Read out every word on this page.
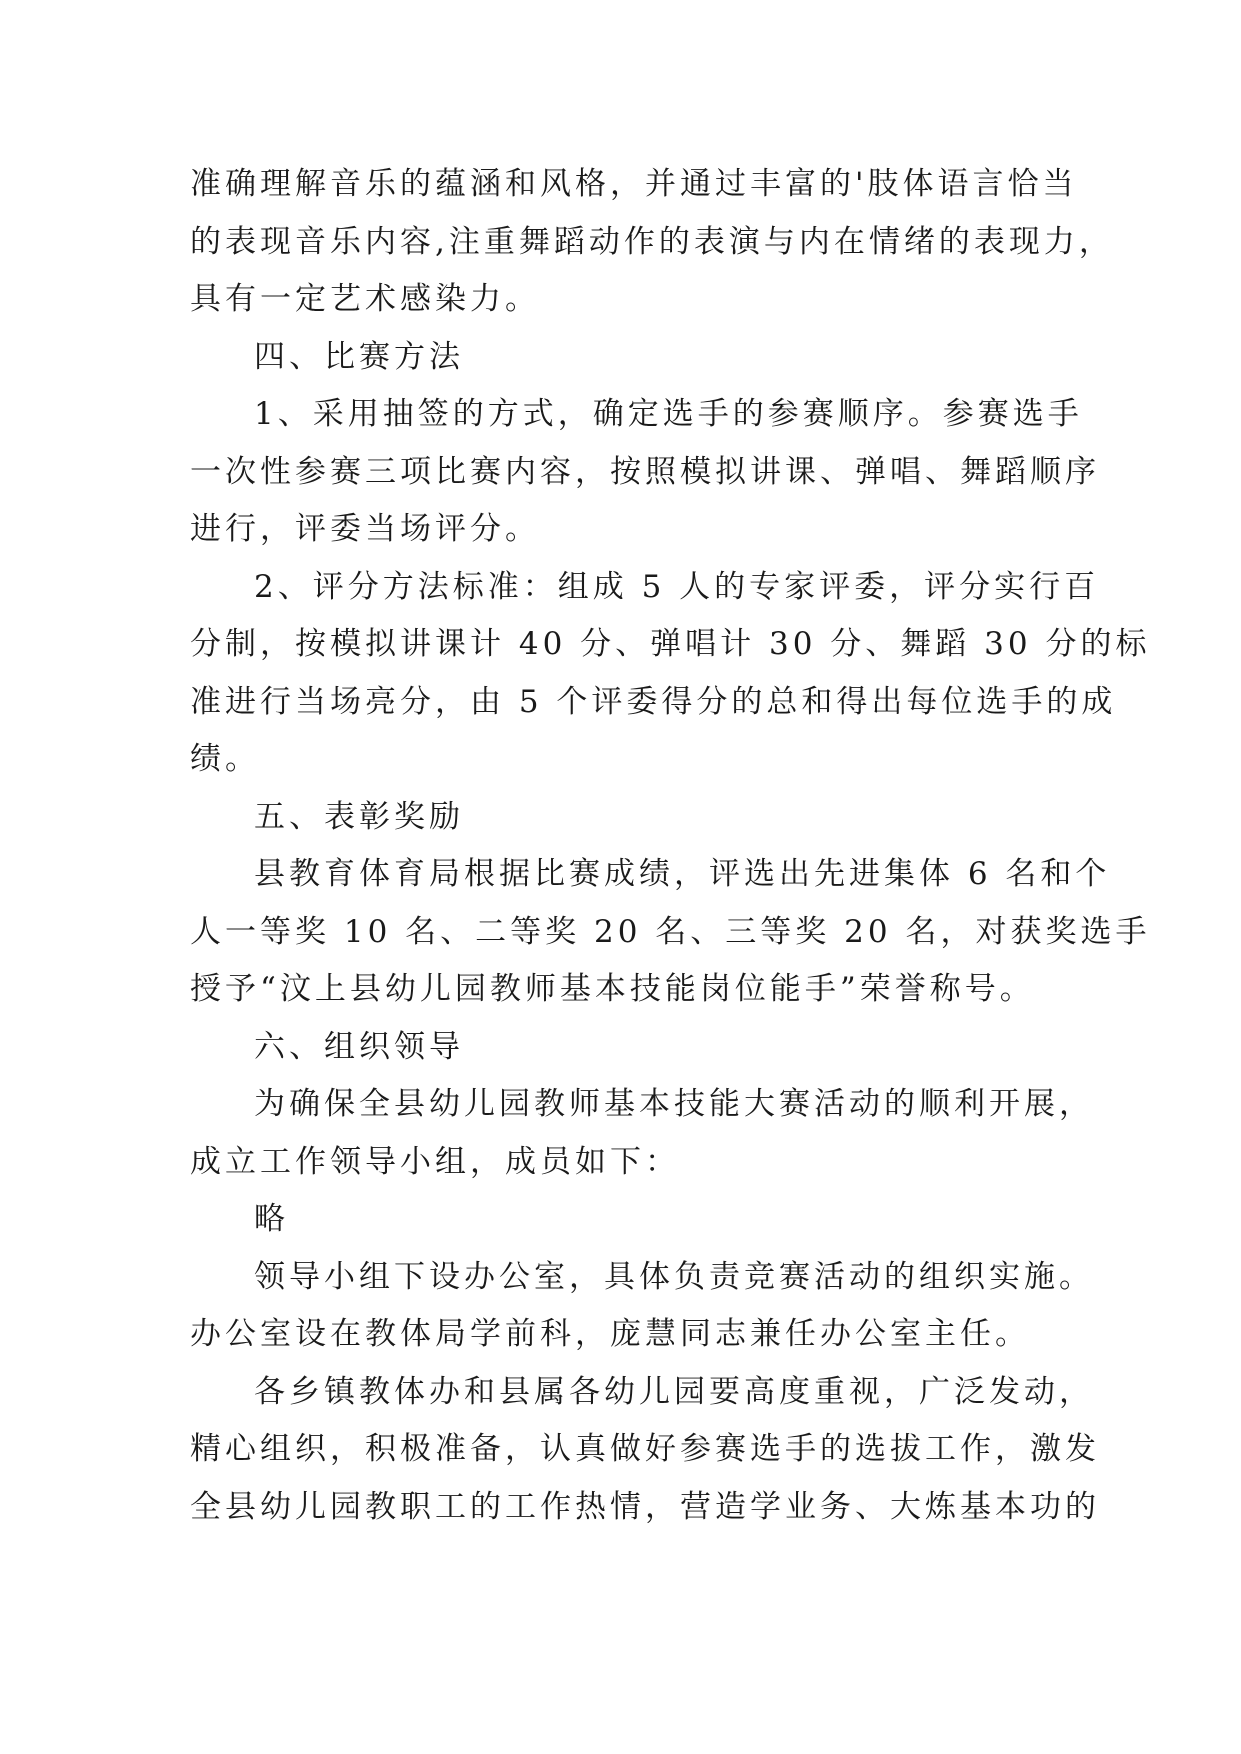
准确理解音乐的蕴涵和风格，并通过丰富的'肢体语言恰当
的表现音乐内容,注重舞蹈动作的表演与内在情绪的表现力，
具有一定艺术感染力。
四、比赛方法
1、采用抽签的方式，确定选手的参赛顺序。参赛选手
一次性参赛三项比赛内容，按照模拟讲课、弹唱、舞蹈顺序
进行，评委当场评分。
2、评分方法标准：组成 5 人的专家评委，评分实行百
分制，按模拟讲课计 40 分、弹唱计 30 分、舞蹈 30 分的标
准进行当场亮分，由 5 个评委得分的总和得出每位选手的成
绩。
五、表彰奖励
县教育体育局根据比赛成绩，评选出先进集体 6 名和个
人一等奖 10 名、二等奖 20 名、三等奖 20 名，对获奖选手
授予“汶上县幼儿园教师基本技能岗位能手”荣誉称号。
六、组织领导
为确保全县幼儿园教师基本技能大赛活动的顺利开展，
成立工作领导小组，成员如下：
略
领导小组下设办公室，具体负责竞赛活动的组织实施。
办公室设在教体局学前科，庞慧同志兼任办公室主任。
各乡镇教体办和县属各幼儿园要高度重视，广泛发动，
精心组织，积极准备，认真做好参赛选手的选拔工作，激发
全县幼儿园教职工的工作热情，营造学业务、大炼基本功的
